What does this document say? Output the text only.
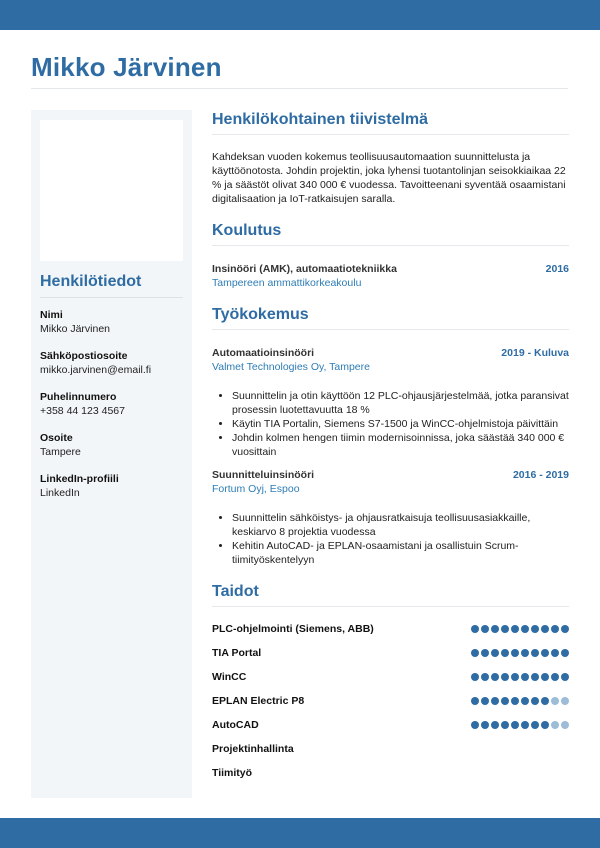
Mikko Järvinen
Henkilötiedot
Nimi
Mikko Järvinen
Sähköpostiosoite
mikko.jarvinen@email.fi
Puhelinnumero
+358 44 123 4567
Osoite
Tampere
LinkedIn-profiili
LinkedIn
Henkilökohtainen tiivistelmä

Kahdeksan vuoden kokemus teollisuusautomaation suunnittelusta ja käyttöönotosta. Johdin projektin, joka lyhensi tuotantolinjan seisokkiaikaa 22 % ja säästöt olivat 340 000 € vuodessa. Tavoitteenani syventää osaamistani digitalisaation ja IoT-ratkaisujen saralla.

Koulutus
Insinööri (AMK), automaatiotekniikka	2016
Tampereen ammattikorkeakoulu
Työkokemus
Automaatioinsinööri	2019 - Kuluva
Valmet Technologies Oy, Tampere
• Suunnittelin ja otin käyttöön 12 PLC-ohjausjärjestelmää, jotka paransivat prosessin luotettavuutta 18 %
• Käytin TIA Portalin, Siemens S7-1500 ja WinCC-ohjelmistoja päivittäin
• Johdin kolmen hengen tiimin modernisoinnissa, joka säästää 340 000 € vuosittain
Suunnitteluinsinööri	2016 - 2019
Fortum Oyj, Espoo
• Suunnittelin sähköistys- ja ohjausratkaisuja teollisuusasiakkaille, keskiarvo 8 projektia vuodessa
• Kehitin AutoCAD- ja EPLAN-osaamistani ja osallistuin Scrum-tiimityöskentelyyn
Taidot
PLC-ohjelmointi (Siemens, ABB)
TIA Portal
WinCC
EPLAN Electric P8
AutoCAD
Projektinhallinta
Tiimityö
